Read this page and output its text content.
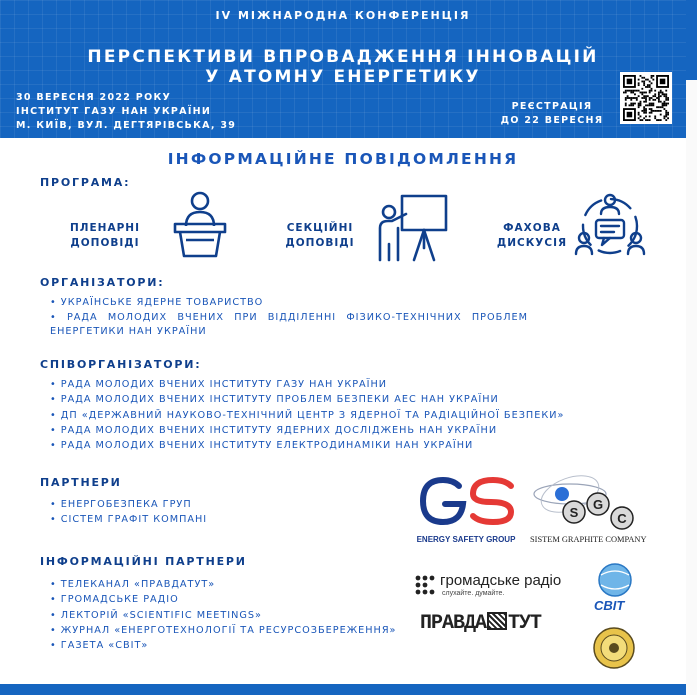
IV МІЖНАРОДНА КОНФЕРЕНЦІЯ
ПЕРСПЕКТИВИ ВПРОВАДЖЕННЯ ІННОВАЦІЙ
У АТОМНУ ЕНЕРГЕТИКУ
30 ВЕРЕСНЯ 2022 РОКУ
ІНСТИТУТ ГАЗУ НАН УКРАЇНИ
М. КИЇВ, ВУЛ. ДЕГТЯРІВСЬКА, 39
РЕЄСТРАЦІЯ
ДО 22 ВЕРЕСНЯ
ІНФОРМАЦІЙНЕ ПОВІДОМЛЕННЯ
ПРОГРАМА:
ПЛЕНАРНІ
ДОПОВІДІ
СЕКЦІЙНІ
ДОПОВІДІ
ФАХОВА
ДИСКУСІЯ
ОРГАНІЗАТОРИ:
• УКРАЇНСЬКЕ ЯДЕРНЕ ТОВАРИСТВО
• РАДА МОЛОДИХ ВЧЕНИХ ПРИ ВІДДІЛЕННІ ФІЗИКО-ТЕХНІЧНИХ ПРОБЛЕМ ЕНЕРГЕТИКИ НАН УКРАЇНИ
СПІВОРГАНІЗАТОРИ:
• РАДА МОЛОДИХ ВЧЕНИХ ІНСТИТУТУ ГАЗУ НАН УКРАЇНИ
• РАДА МОЛОДИХ ВЧЕНИХ ІНСТИТУТУ ПРОБЛЕМ БЕЗПЕКИ АЕС НАН УКРАЇНИ
• ДП «ДЕРЖАВНИЙ НАУКОВО-ТЕХНІЧНИЙ ЦЕНТР З ЯДЕРНОЇ ТА РАДІАЦІЙНОЇ БЕЗПЕКИ»
• РАДА МОЛОДИХ ВЧЕНИХ ІНСТИТУТУ ЯДЕРНИХ ДОСЛІДЖЕНЬ НАН УКРАЇНИ
• РАДА МОЛОДИХ ВЧЕНИХ ІНСТИТУТУ ЕЛЕКТРОДИНАМІКИ НАН УКРАЇНИ
ПАРТНЕРИ
• ЕНЕРГОБЕЗПЕКА ГРУП
• СІСТЕМ ГРАФІТ КОМПАНІ
ENERGY SAFETY GROUP
S
G
C
SISTEM GRAPHITE COMPANY
ІНФОРМАЦІЙНІ ПАРТНЕРИ
• ТЕЛЕКАНАЛ «ПРАВДАТУТ»
• ГРОМАДСЬКЕ РАДІО
• ЛЕКТОРІЙ «SCIENTIFIC MEETINGS»
• ЖУРНАЛ «ЕНЕРГОТЕХНОЛОГІЇ ТА РЕСУРСОЗБЕРЕЖЕННЯ»
• ГАЗЕТА «СВІТ»
громадське радіо
слухайте. думайте.
ПРАВДА ТУТ
СВІТ
